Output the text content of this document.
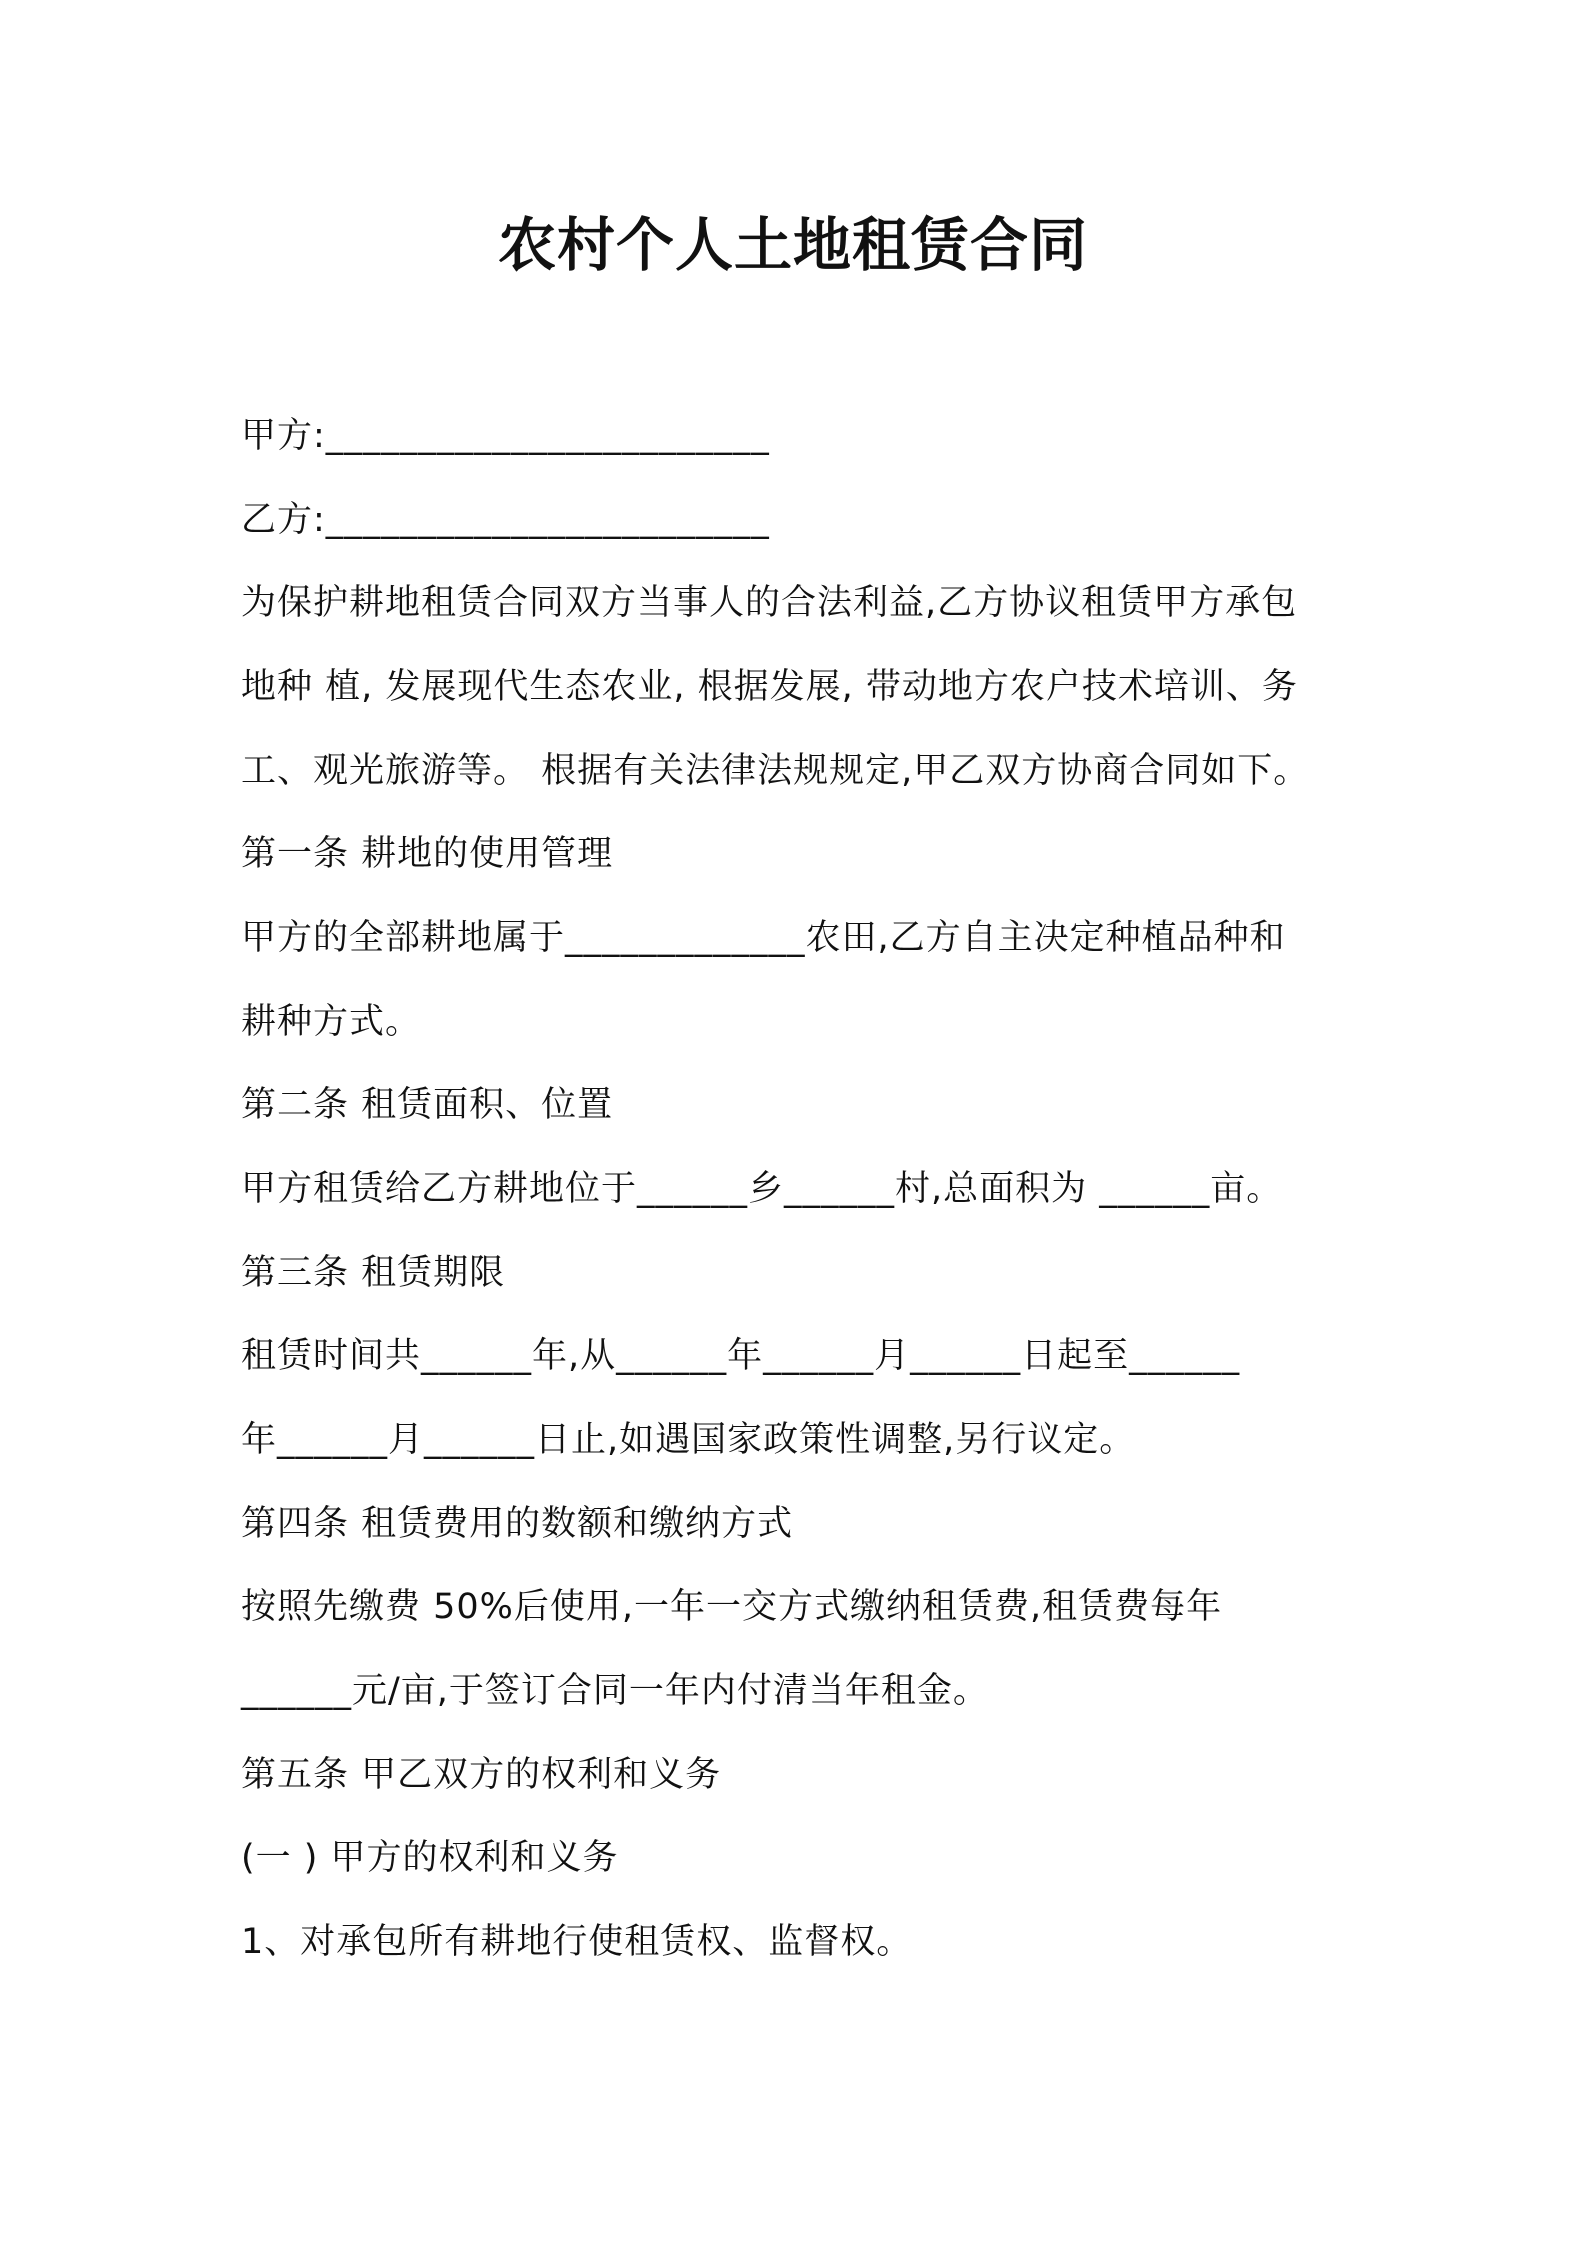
农村个人土地租赁合同
甲方:________________________
乙方:________________________
为保护耕地租赁合同双方当事人的合法利益,乙方协议租赁甲方承包
地种 植, 发展现代生态农业, 根据发展, 带动地方农户技术培训、务
工、观光旅游等。 根据有关法律法规规定,甲乙双方协商合同如下。
第一条 耕地的使用管理
甲方的全部耕地属于_____________农田,乙方自主决定种植品种和
耕种方式。
第二条 租赁面积、位置
甲方租赁给乙方耕地位于______乡______村,总面积为 ______亩。
第三条 租赁期限
租赁时间共______年,从______年______月______日起至______
年______月______日止,如遇国家政策性调整,另行议定。
第四条 租赁费用的数额和缴纳方式
按照先缴费 50%后使用,一年一交方式缴纳租赁费,租赁费每年
______元/亩,于签订合同一年内付清当年租金。
第五条 甲乙双方的权利和义务
(一 ) 甲方的权利和义务
1、对承包所有耕地行使租赁权、监督权。
